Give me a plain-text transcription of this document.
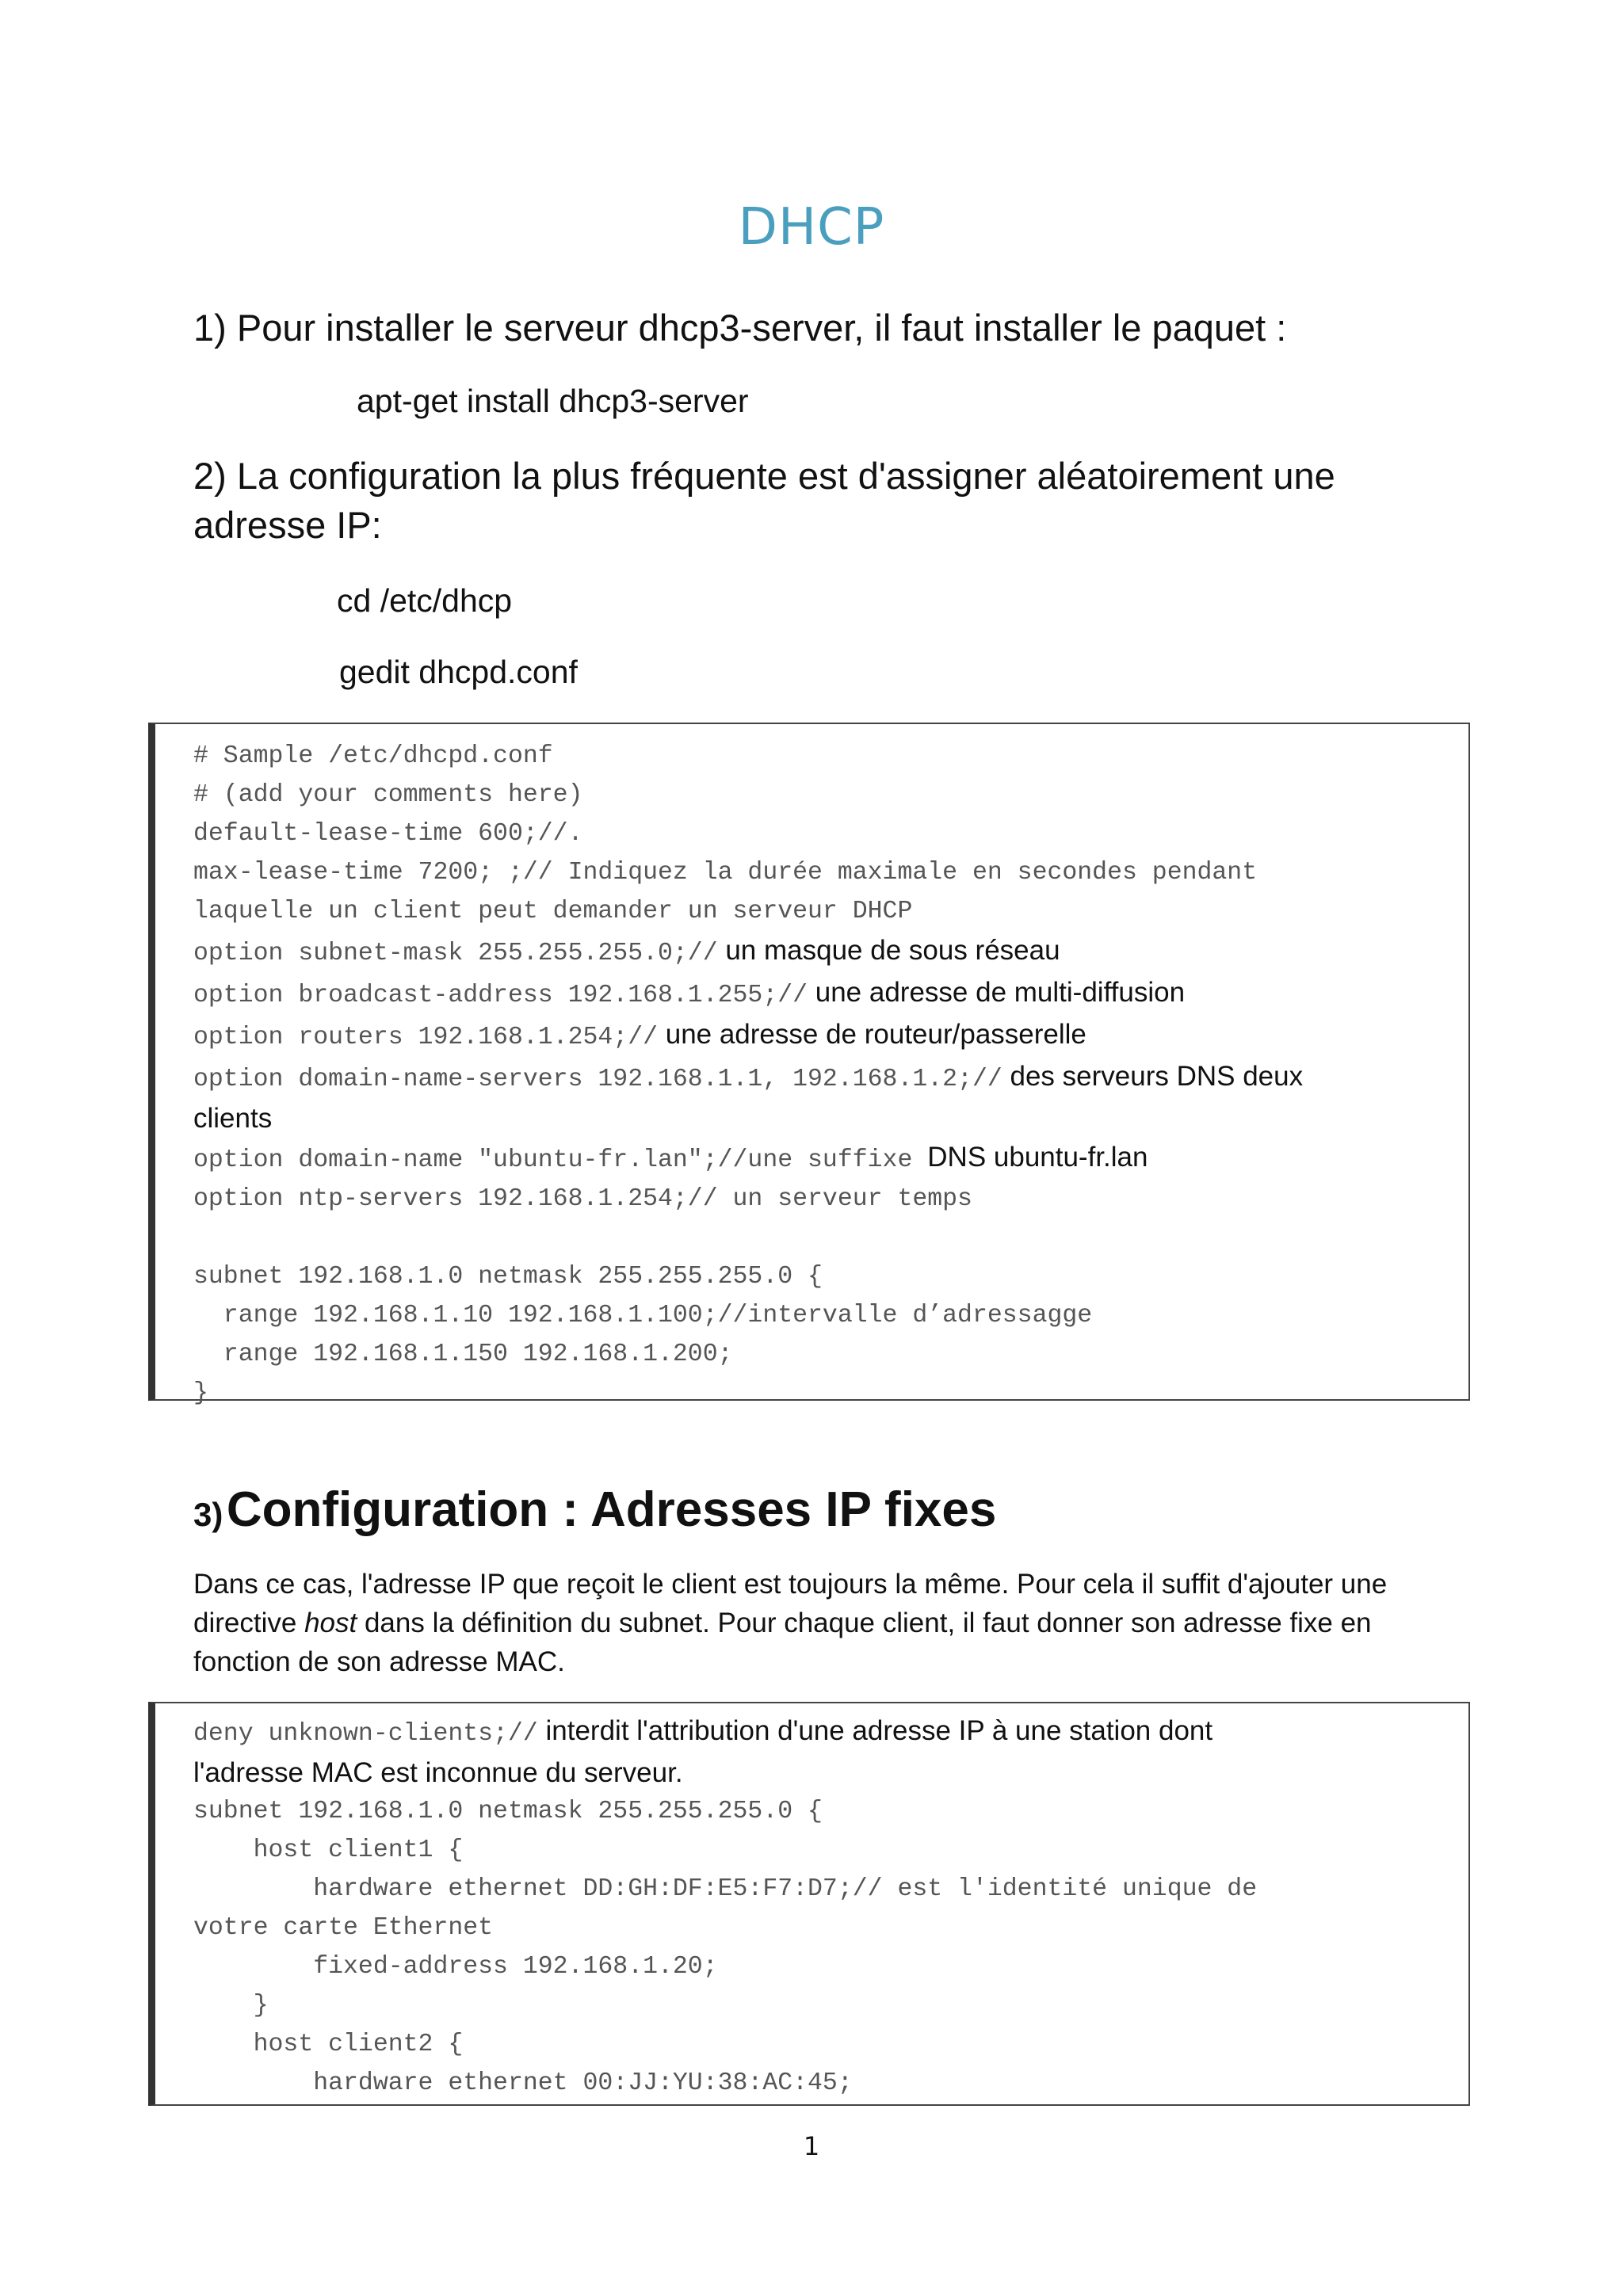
DHCP
1) Pour installer le serveur dhcp3-server, il faut installer le paquet :
apt-get install dhcp3-server
2) La configuration la plus fréquente est d'assigner aléatoirement une
adresse IP:
cd /etc/dhcp
gedit dhcpd.conf
# Sample /etc/dhcpd.conf
# (add your comments here)
default-lease-time 600;//.
max-lease-time 7200; ;// Indiquez la durée maximale en secondes pendant
laquelle un client peut demander un serveur DHCP
option subnet-mask 255.255.255.0;// un masque de sous réseau
option broadcast-address 192.168.1.255;// une adresse de multi-diffusion
option routers 192.168.1.254;// une adresse de routeur/passerelle
option domain-name-servers 192.168.1.1, 192.168.1.2;// des serveurs DNS deux
clients
option domain-name "ubuntu-fr.lan";//une suffixe DNS ubuntu-fr.lan
option ntp-servers 192.168.1.254;// un serveur temps

subnet 192.168.1.0 netmask 255.255.255.0 {
range 192.168.1.10 192.168.1.100;//intervalle d’adressagge
range 192.168.1.150 192.168.1.200;
}
3) Configuration : Adresses IP fixes
Dans ce cas, l'adresse IP que reçoit le client est toujours la même. Pour cela il suffit d'ajouter une
directive host dans la définition du subnet. Pour chaque client, il faut donner son adresse fixe en
fonction de son adresse MAC.
deny unknown-clients;// interdit l'attribution d'une adresse IP à une station dont
l'adresse MAC est inconnue du serveur.
subnet 192.168.1.0 netmask 255.255.255.0 {
host client1 {
hardware ethernet DD:GH:DF:E5:F7:D7;// est l'identité unique de
votre carte Ethernet
fixed-address 192.168.1.20;
}
host client2 {
hardware ethernet 00:JJ:YU:38:AC:45;
1
